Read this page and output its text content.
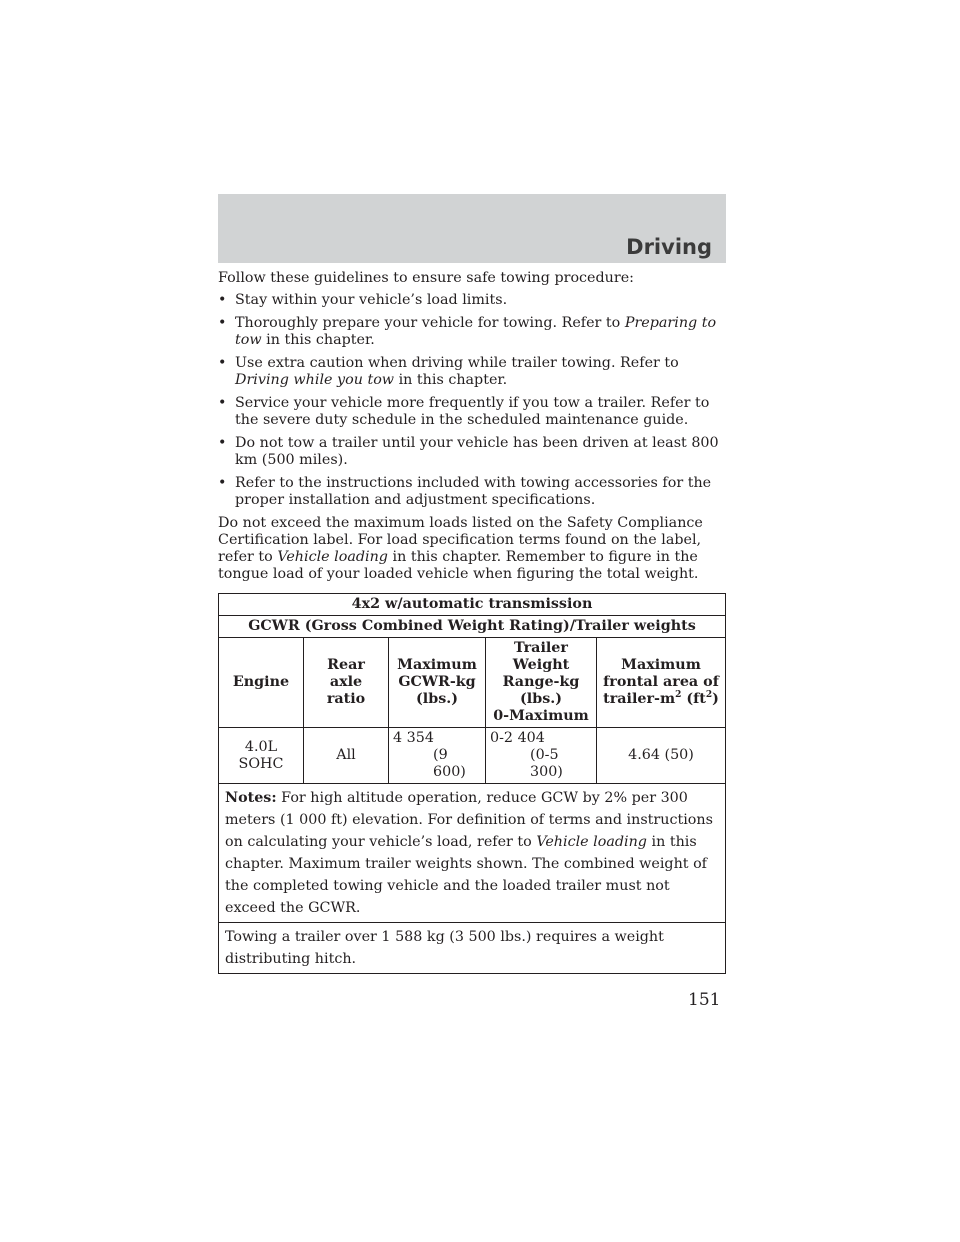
Driving

Follow these guidelines to ensure safe towing procedure:

• Stay within your vehicle’s load limits.
• Thoroughly prepare your vehicle for towing. Refer to Preparing to tow in this chapter.
• Use extra caution when driving while trailer towing. Refer to Driving while you tow in this chapter.
• Service your vehicle more frequently if you tow a trailer. Refer to the severe duty schedule in the scheduled maintenance guide.
• Do not tow a trailer until your vehicle has been driven at least 800 km (500 miles).
• Refer to the instructions included with towing accessories for the proper installation and adjustment specifications.

Do not exceed the maximum loads listed on the Safety Compliance Certification label. For load specification terms found on the label, refer to Vehicle loading in this chapter. Remember to figure in the tongue load of your loaded vehicle when figuring the total weight.

4x2 w/automatic transmission				
GCWR (Gross Combined Weight Rating)/Trailer weights				
Engine	Rear
axle
ratio	Maximum
GCWR-kg
(lbs.)	Trailer Weight
Range-kg
(lbs.)
0-Maximum	Maximum
frontal area of
trailer-$m^2$ $(ft^2)$
4.0L
SOHC	All	4 354
(9 600)	0-2 404
(0-5 300)	4.64 (50)
Notes: For high altitude operation, reduce GCW by 2% per 300 meters (1 000 ft) elevation. For definition of terms and instructions on calculating your vehicle’s load, refer to Vehicle loading in this chapter. Maximum trailer weights shown. The combined weight of the completed towing vehicle and the loaded trailer must not exceed the GCWR.				
Towing a trailer over 1 588 kg (3 500 lbs.) requires a weight distributing hitch.				
151
